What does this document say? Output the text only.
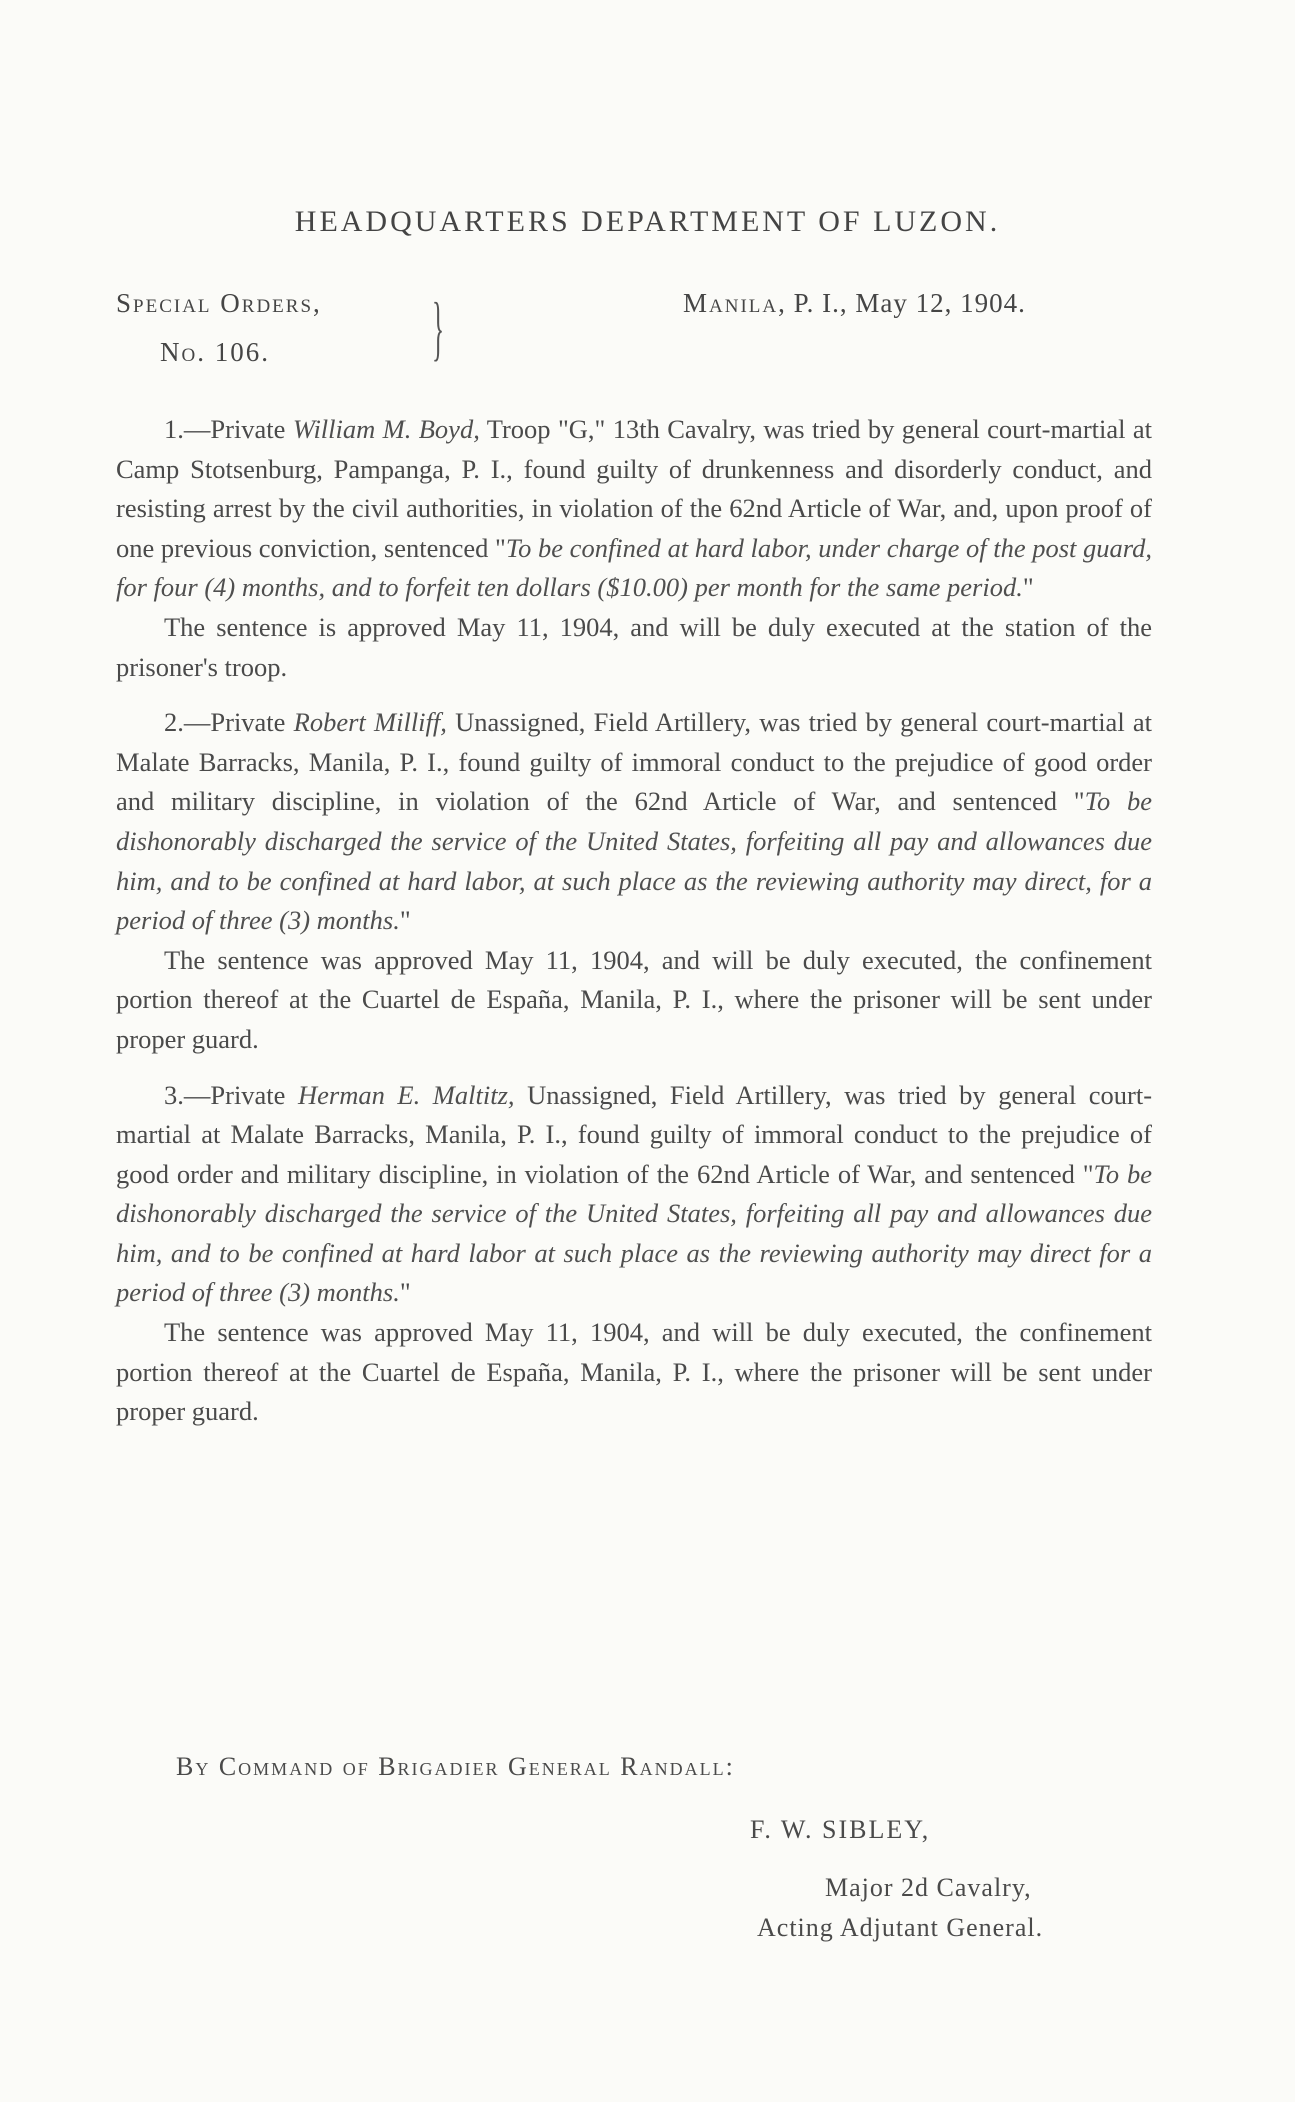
HEADQUARTERS DEPARTMENT OF LUZON.
Special Orders,
No. 106.	}	Manila, P. I., May 12, 1904.

1.—Private William M. Boyd, Troop "G," 13th Cavalry, was tried by general court-martial at Camp Stotsenburg, Pampanga, P. I., found guilty of drunkenness and disorderly conduct, and resisting arrest by the civil authorities, in violation of the 62nd Article of War, and, upon proof of one previous conviction, sentenced "To be confined at hard labor, under charge of the post guard, for four (4) months, and to forfeit ten dollars ($10.00) per month for the same period."

The sentence is approved May 11, 1904, and will be duly executed at the station of the prisoner's troop.

2.—Private Robert Milliff, Unassigned, Field Artillery, was tried by general court-martial at Malate Barracks, Manila, P. I., found guilty of immoral conduct to the prejudice of good order and military discipline, in violation of the 62nd Article of War, and sentenced "To be dishonorably discharged the service of the United States, forfeiting all pay and allowances due him, and to be confined at hard labor, at such place as the reviewing authority may direct, for a period of three (3) months."

The sentence was approved May 11, 1904, and will be duly executed, the confinement portion thereof at the Cuartel de España, Manila, P. I., where the prisoner will be sent under proper guard.

3.—Private Herman E. Maltitz, Unassigned, Field Artillery, was tried by general court-martial at Malate Barracks, Manila, P. I., found guilty of immoral conduct to the prejudice of good order and military discipline, in violation of the 62nd Article of War, and sentenced "To be dishonorably discharged the service of the United States, forfeiting all pay and allowances due him, and to be confined at hard labor at such place as the reviewing authority may direct for a period of three (3) months."

The sentence was approved May 11, 1904, and will be duly executed, the confinement portion thereof at the Cuartel de España, Manila, P. I., where the prisoner will be sent under proper guard.

By Command of Brigadier General Randall:
F. W. SIBLEY,
Major 2d Cavalry,
Acting Adjutant General.
